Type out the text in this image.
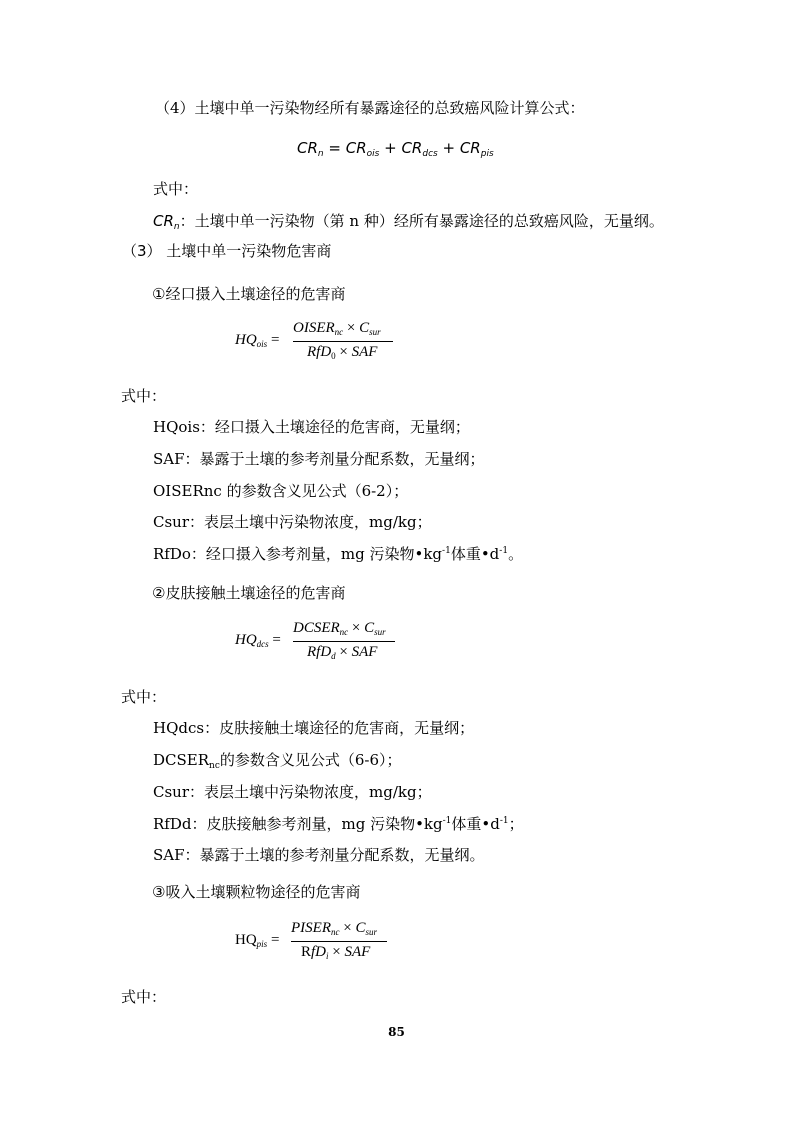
（4）土壤中单一污染物经所有暴露途径的总致癌风险计算公式：
$CR_n = CR_{ois} + CR_{dcs} + CR_{pis}$
式中：
$CR_n$：土壤中单一污染物（第 n 种）经所有暴露途径的总致癌风险，无量纲。
（3） 土壤中单一污染物危害商
①经口摄入土壤途径的危害商
$HQ_{ois}$ =
$OISER_{nc} \times C_{sur}$
RfD$_0$ × SAF
式中：
HQois：经口摄入土壤途径的危害商，无量纲；
SAF：暴露于土壤的参考剂量分配系数，无量纲；
OISERnc 的参数含义见公式（6-2）；
Csur：表层土壤中污染物浓度，mg/kg；
RfDo：经口摄入参考剂量，mg 污染物$•kg^{-1}$体重$•d^{-1}$。
②皮肤接触土壤途径的危害商
$HQ_{dcs}$ =
$DCSER_{nc} \times C_{sur}$
RfD$_d$ × SAF
式中：
HQdcs：皮肤接触土壤途径的危害商，无量纲；
$DCSER_{nc}$的参数含义见公式（6-6）；
Csur：表层土壤中污染物浓度，mg/kg；
RfDd：皮肤接触参考剂量，mg 污染物$•kg^{-1}$体重$•d^{-1}$；
SAF：暴露于土壤的参考剂量分配系数，无量纲。
③吸入土壤颗粒物途径的危害商
$HQ_{pis}$ =
$PISER_{nc} \times C_{sur}$
RfD$_i$ × SAF
式中：
85
